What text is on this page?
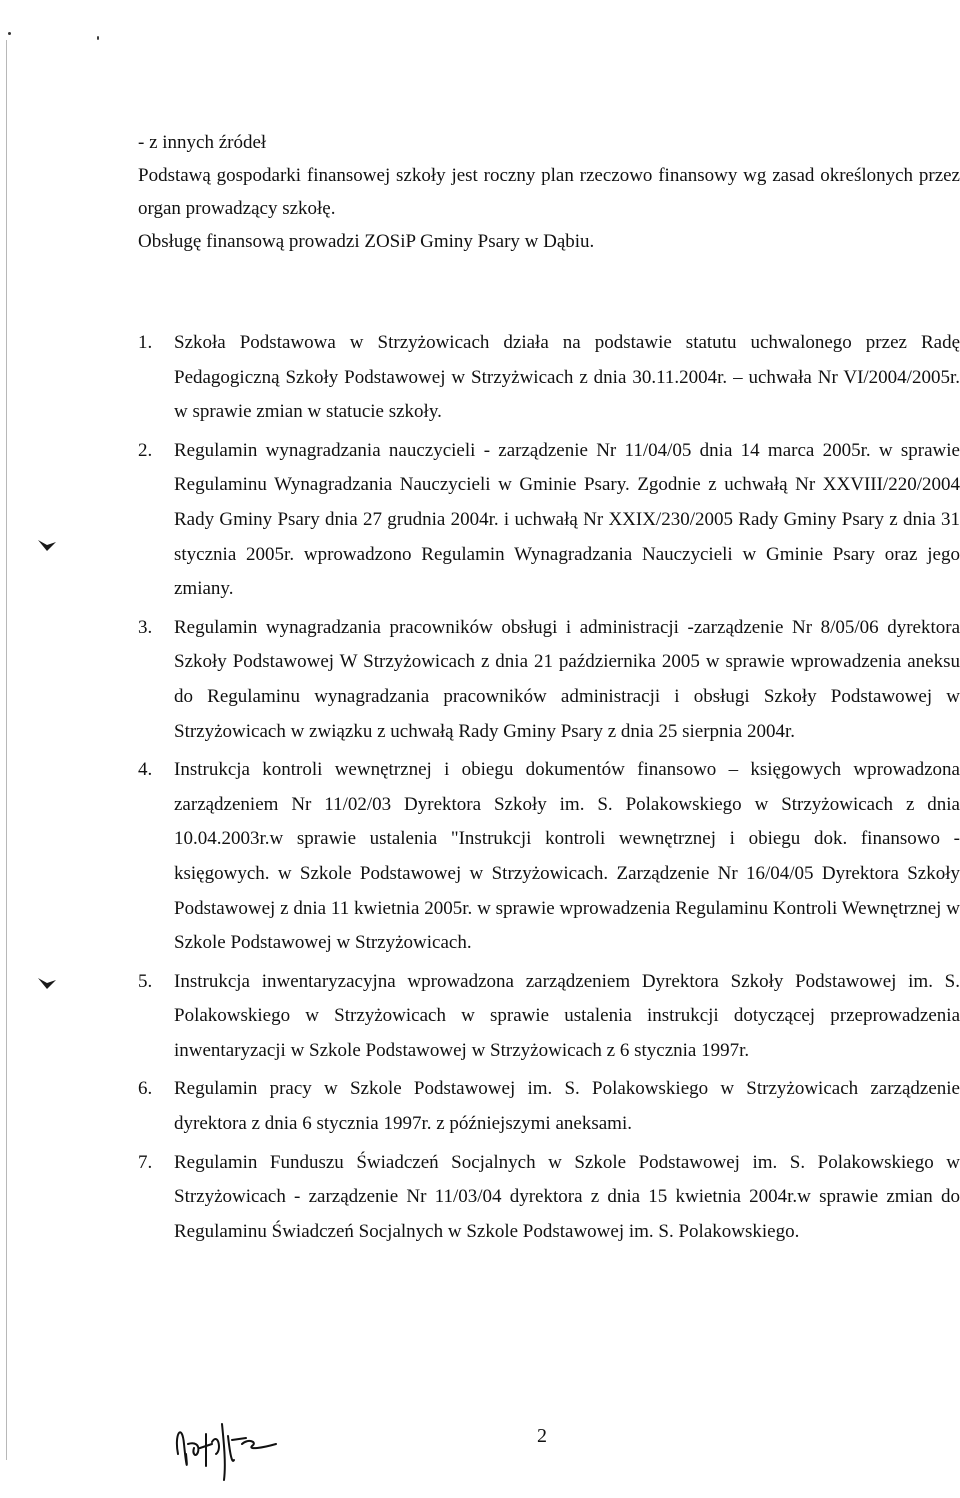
- z innych źródeł

Podstawą gospodarki finansowej szkoły jest roczny plan rzeczowo finansowy wg zasad określonych przez organ prowadzący szkołę.

Obsługę finansową prowadzi ZOSiP Gminy Psary w Dąbiu.

1. Szkoła Podstawowa w Strzyżowicach działa na podstawie statutu uchwalonego przez Radę Pedagogiczną Szkoły Podstawowej w Strzyżwicach z dnia 30.11.2004r. – uchwała Nr VI/2004/2005r. w sprawie zmian w statucie szkoły.
2. Regulamin wynagradzania nauczycieli - zarządzenie Nr 11/04/05 dnia 14 marca 2005r. w sprawie Regulaminu Wynagradzania Nauczycieli w Gminie Psary. Zgodnie z uchwałą Nr XXVIII/220/2004 Rady Gminy Psary dnia 27 grudnia 2004r. i uchwałą Nr XXIX/230/2005 Rady Gminy Psary z dnia 31 stycznia 2005r. wprowadzono Regulamin Wynagradzania Nauczycieli w Gminie Psary oraz jego zmiany.
3. Regulamin wynagradzania pracowników obsługi i administracji -zarządzenie Nr 8/05/06 dyrektora Szkoły Podstawowej W Strzyżowicach z dnia 21 października 2005 w sprawie wprowadzenia aneksu do Regulaminu wynagradzania pracowników administracji i obsługi Szkoły Podstawowej w Strzyżowicach w związku z uchwałą Rady Gminy Psary z dnia 25 sierpnia 2004r.
4. Instrukcja kontroli wewnętrznej i obiegu dokumentów finansowo – księgowych wprowadzona zarządzeniem Nr 11/02/03 Dyrektora Szkoły im. S. Polakowskiego w Strzyżowicach z dnia 10.04.2003r.w sprawie ustalenia "Instrukcji kontroli wewnętrznej i obiegu dok. finansowo - księgowych. w Szkole Podstawowej w Strzyżowicach. Zarządzenie Nr 16/04/05 Dyrektora Szkoły Podstawowej z dnia 11 kwietnia 2005r. w sprawie wprowadzenia Regulaminu Kontroli Wewnętrznej w Szkole Podstawowej w Strzyżowicach.
5. Instrukcja inwentaryzacyjna wprowadzona zarządzeniem Dyrektora Szkoły Podstawowej im. S. Polakowskiego w Strzyżowicach w sprawie ustalenia instrukcji dotyczącej przeprowadzenia inwentaryzacji w Szkole Podstawowej w Strzyżowicach z 6 stycznia 1997r.
6. Regulamin pracy w Szkole Podstawowej im. S. Polakowskiego w Strzyżowicach zarządzenie dyrektora z dnia 6 stycznia 1997r. z późniejszymi aneksami.
7. Regulamin Funduszu Świadczeń Socjalnych w Szkole Podstawowej im. S. Polakowskiego w Strzyżowicach - zarządzenie Nr 11/03/04 dyrektora z dnia 15 kwietnia 2004r.w sprawie zmian do Regulaminu Świadczeń Socjalnych w Szkole Podstawowej im. S. Polakowskiego.
2
